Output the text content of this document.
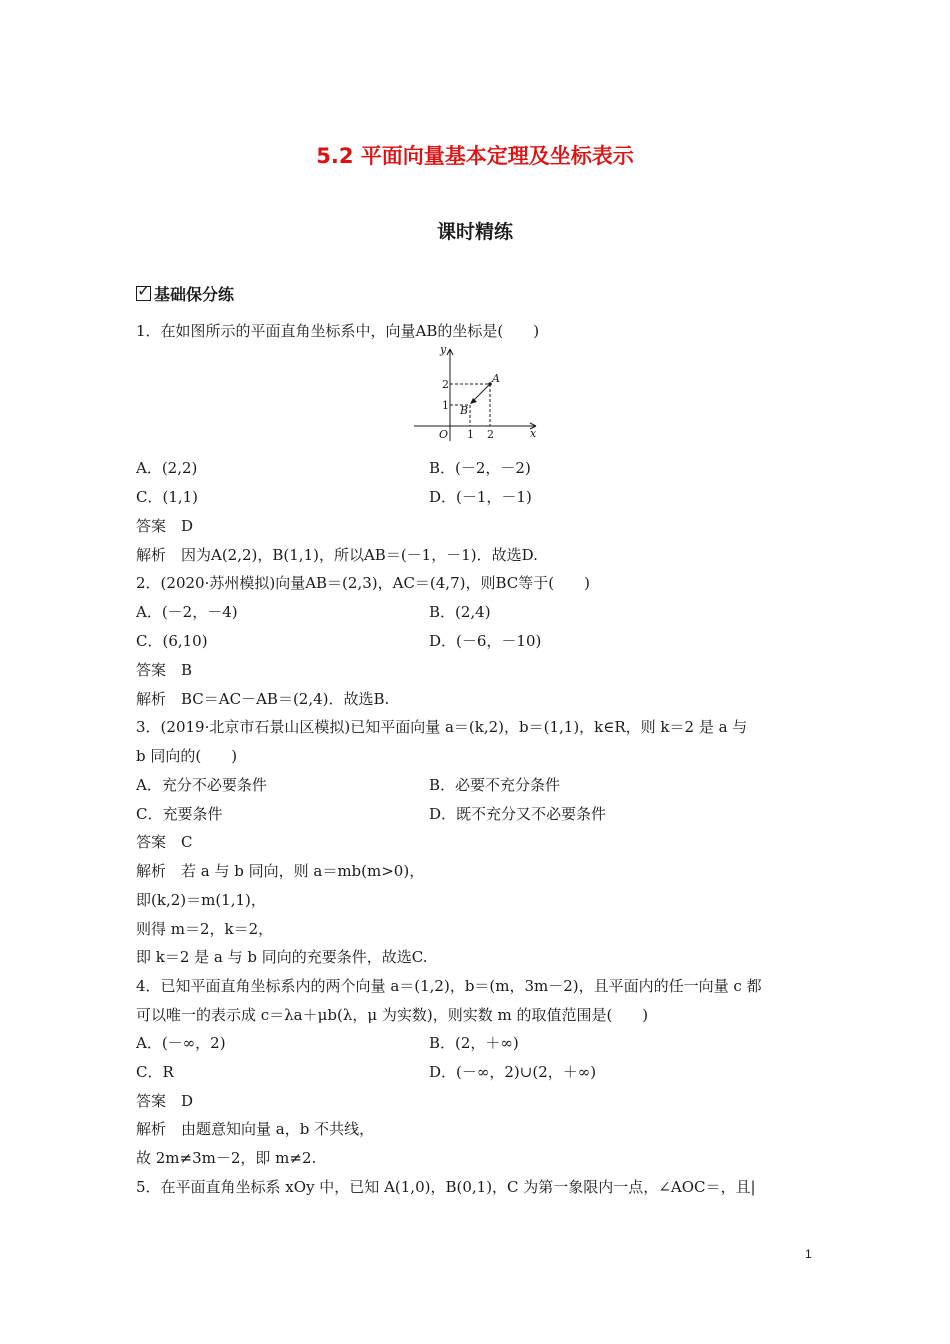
5.2 平面向量基本定理及坐标表示
课时精练
✓基础保分练
1．在如图所示的平面直角坐标系中，向量AB的坐标是(　　)
y
x
O
A
B
1 2
1
2
A．(2,2)	B．(－2，－2)
C．(1,1)	D．(－1，－1)
答案　D
解析　因为A(2,2)，B(1,1)，所以AB＝(－1，－1)．故选D.
2．(2020·苏州模拟)向量AB＝(2,3)，AC＝(4,7)，则BC等于(　　)
A．(－2，－4)	B．(2,4)
C．(6,10)	D．(－6，－10)
答案　B
解析　BC＝AC－AB＝(2,4)．故选B.
3．(2019·北京市石景山区模拟)已知平面向量 a＝(k,2)，b＝(1,1)，k∈R，则 k＝2 是 a 与
b 同向的(　　)
A．充分不必要条件	B．必要不充分条件
C．充要条件	D．既不充分又不必要条件
答案　C
解析　若 a 与 b 同向，则 a＝mb(m>0)，
即(k,2)＝m(1,1)，
则得 m＝2，k＝2，
即 k＝2 是 a 与 b 同向的充要条件，故选C.
4．已知平面直角坐标系内的两个向量 a＝(1,2)，b＝(m，3m－2)，且平面内的任一向量 c 都
可以唯一的表示成 c＝λa＋μb(λ，μ 为实数)，则实数 m 的取值范围是(　　)
A．(－∞，2)	B．(2，＋∞)
C．R	D．(－∞，2)∪(2，＋∞)
答案　D
解析　由题意知向量 a，b 不共线，
故 2m≠3m－2，即 m≠2.
5．在平面直角坐标系 xOy 中，已知 A(1,0)，B(0,1)，C 为第一象限内一点，∠AOC＝，且|
1
